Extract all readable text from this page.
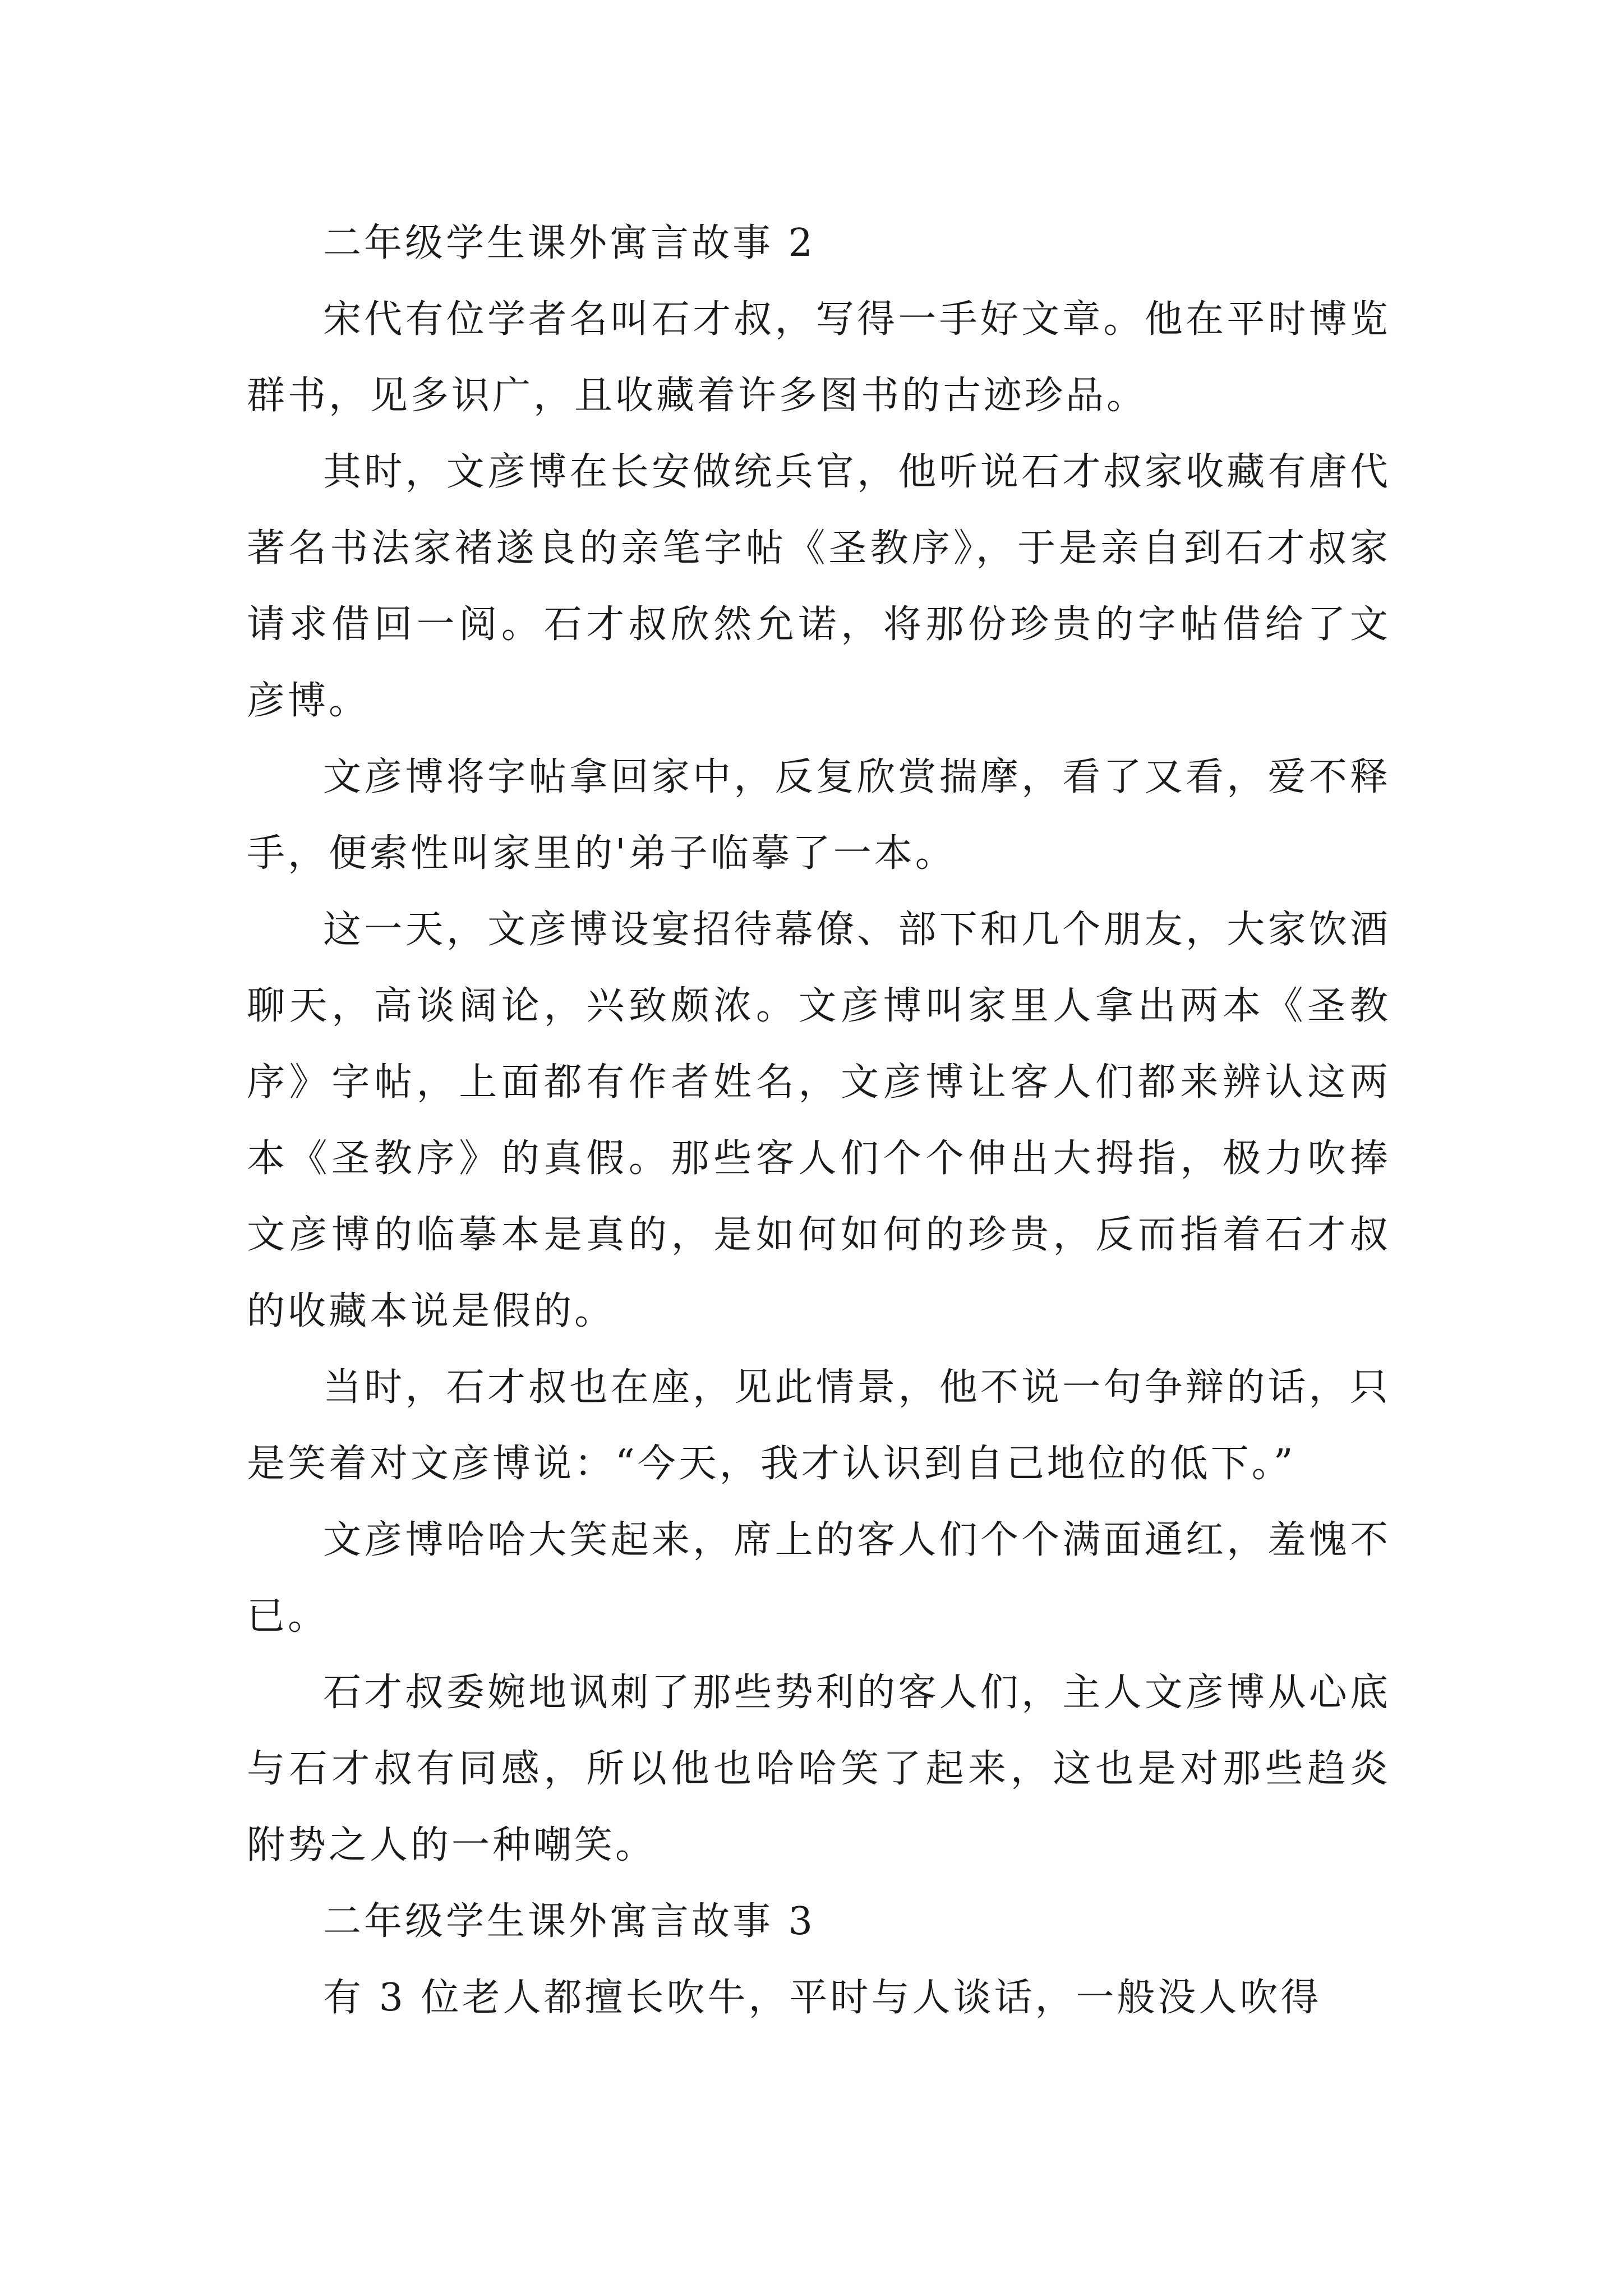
二年级学生课外寓言故事 2

宋代有位学者名叫石才叔，写得一手好文章。他在平时博览群书，见多识广，且收藏着许多图书的古迹珍品。

其时，文彦博在长安做统兵官，他听说石才叔家收藏有唐代著名书法家褚遂良的亲笔字帖《圣教序》，于是亲自到石才叔家请求借回一阅。石才叔欣然允诺，将那份珍贵的字帖借给了文彦博。

文彦博将字帖拿回家中，反复欣赏揣摩，看了又看，爱不释手，便索性叫家里的'弟子临摹了一本。

这一天，文彦博设宴招待幕僚、部下和几个朋友，大家饮酒聊天，高谈阔论，兴致颇浓。文彦博叫家里人拿出两本《圣教序》字帖，上面都有作者姓名，文彦博让客人们都来辨认这两本《圣教序》的真假。那些客人们个个伸出大拇指，极力吹捧文彦博的临摹本是真的，是如何如何的珍贵，反而指着石才叔的收藏本说是假的。

当时，石才叔也在座，见此情景，他不说一句争辩的话，只是笑着对文彦博说：“今天，我才认识到自己地位的低下。”

文彦博哈哈大笑起来，席上的客人们个个满面通红，羞愧不已。

石才叔委婉地讽刺了那些势利的客人们，主人文彦博从心底与石才叔有同感，所以他也哈哈笑了起来，这也是对那些趋炎附势之人的一种嘲笑。

二年级学生课外寓言故事 3

有 3 位老人都擅长吹牛，平时与人谈话，一般没人吹得
